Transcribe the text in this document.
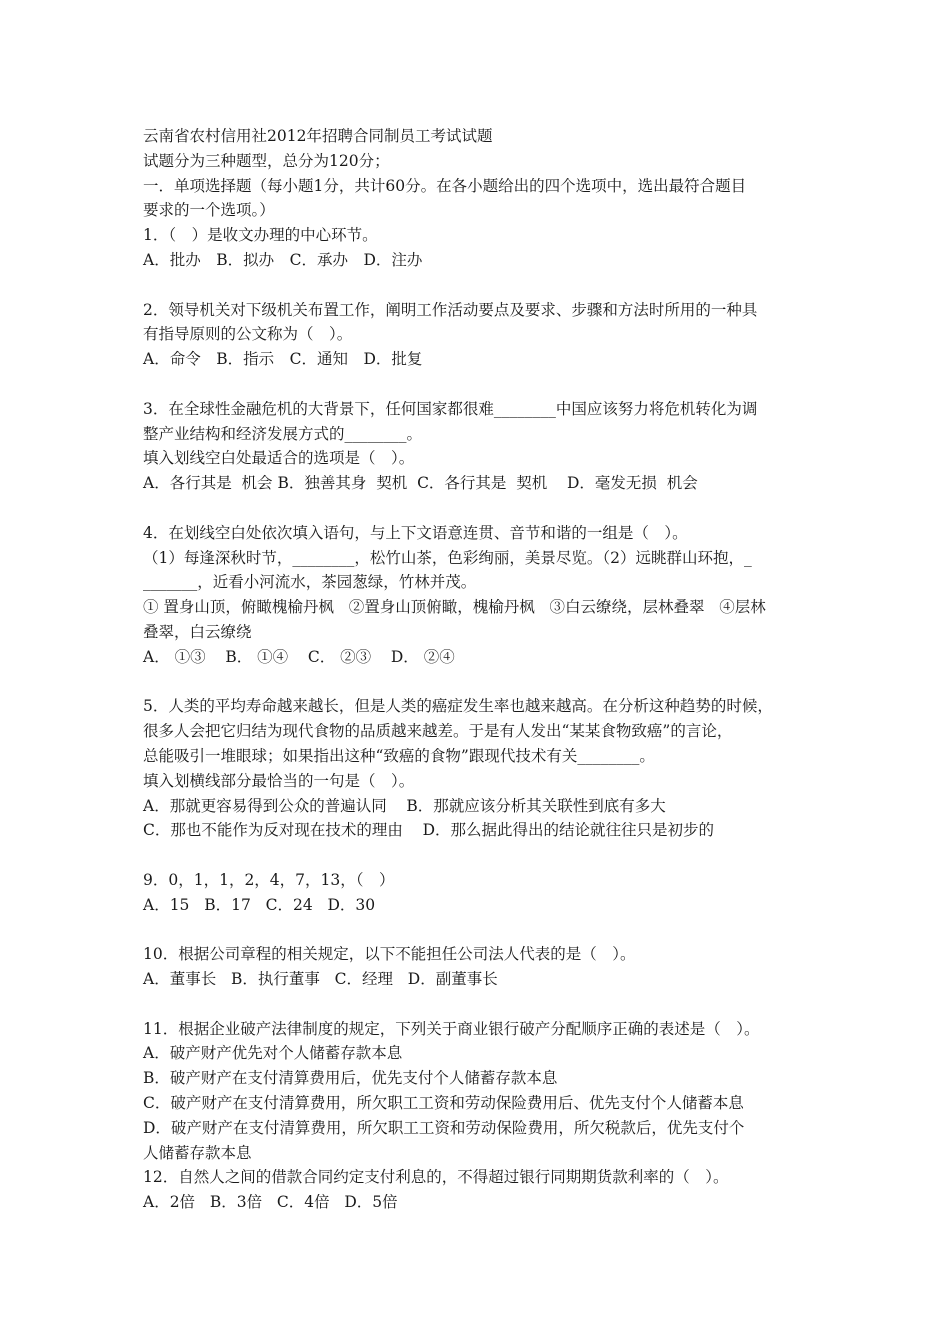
云南省农村信用社2012年招聘合同制员工考试试题
试题分为三种题型，总分为120分；
一．单项选择题（每小题1分，共计60分。在各小题给出的四个选项中，选出最符合题目
要求的一个选项。）
1．（　）是收文办理的中心环节。
A．批办　B．拟办　C．承办　D．注办
2．领导机关对下级机关布置工作，阐明工作活动要点及要求、步骤和方法时所用的一种具
有指导原则的公文称为（　）。
A．命令　B．指示　C．通知　D．批复
3．在全球性金融危机的大背景下，任何国家都很难________中国应该努力将危机转化为调
整产业结构和经济发展方式的________。
填入划线空白处最适合的选项是（　）。
A．各行其是  机会 B．独善其身  契机  C．各行其是  契机    D．毫发无损  机会
4．在划线空白处依次填入语句，与上下文语意连贯、音节和谐的一组是（　）。
（1）每逢深秋时节，________，松竹山茶，色彩绚丽，美景尽览。（2）远眺群山环抱，_
_______，近看小河流水，茶园葱绿，竹林并茂。
① 置身山顶，俯瞰槐榆丹枫   ②置身山顶俯瞰，槐榆丹枫   ③白云缭绕，层林叠翠   ④层林
叠翠，白云缭绕
A． ①③    B． ①④    C． ②③    D． ②④
5．人类的平均寿命越来越长，但是人类的癌症发生率也越来越高。在分析这种趋势的时候，
很多人会把它归结为现代食物的品质越来越差。于是有人发出“某某食物致癌”的言论，
总能吸引一堆眼球；如果指出这种“致癌的食物”跟现代技术有关________。
填入划横线部分最恰当的一句是（　）。
A．那就更容易得到公众的普遍认同    B．那就应该分析其关联性到底有多大
C．那也不能作为反对现在技术的理由    D．那么据此得出的结论就往往只是初步的
9．0，1，1，2，4，7，13，（　）
A．15   B．17   C．24   D．30
10．根据公司章程的相关规定，以下不能担任公司法人代表的是（　）。
A．董事长   B．执行董事   C．经理   D．副董事长
11．根据企业破产法律制度的规定，下列关于商业银行破产分配顺序正确的表述是（　）。
A．破产财产优先对个人储蓄存款本息
B．破产财产在支付清算费用后，优先支付个人储蓄存款本息
C．破产财产在支付清算费用，所欠职工工资和劳动保险费用后、优先支付个人储蓄本息
D．破产财产在支付清算费用，所欠职工工资和劳动保险费用，所欠税款后，优先支付个
人储蓄存款本息
12．自然人之间的借款合同约定支付利息的，不得超过银行同期期货款利率的（　）。
A．2倍   B．3倍   C．4倍   D．5倍
